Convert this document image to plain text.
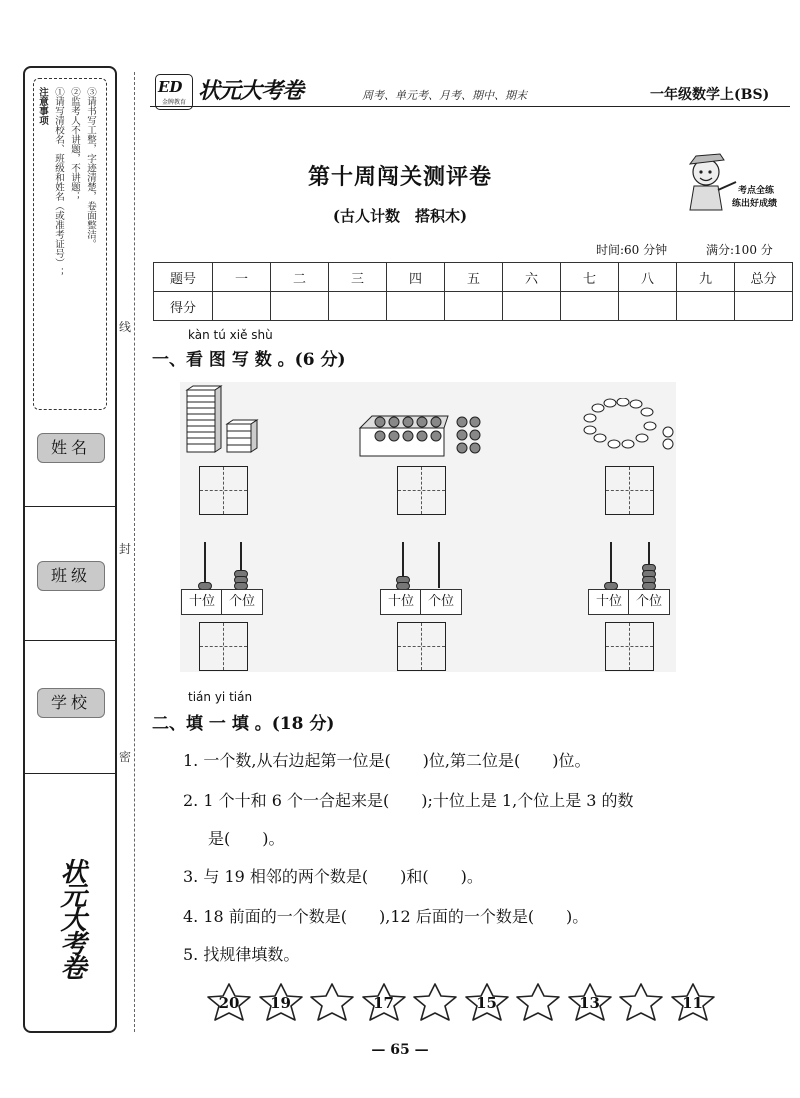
注意事项 ①请写清校名、班级和姓名（或准考证号）； ②监考人不讲题，不讲题； ③请书写工整，字迹清楚，卷面整洁。
姓名
班级
学校
状元大考卷
线
封
密
ED
金牌教育 状元大考卷	周考、单元考、月考、期中、期末	一年级数学上(BS)
第十周闯关测评卷
(古人计数　搭积木)
考点全练
练出好成绩
时间:60 分钟	满分:100 分
题号	一	二	三	四	五	六	七	八	九	总分
得分										
kàn tú xiě shù
一、看 图 写 数 。(6 分)
十位	个位	十位	个位	十位	个位
tián yi tián
二、填 一 填 。(18 分)
1. 一个数,从右边起第一位是(　　)位,第二位是(　　)位。
2. 1 个十和 6 个一合起来是(　　);十位上是 1,个位上是 3 的数
是(　　)。
3. 与 19 相邻的两个数是(　　)和(　　)。
4. 18 前面的一个数是(　　),12 后面的一个数是(　　)。
5. 找规律填数。
20	19	17	15	13	11
— 65 —
